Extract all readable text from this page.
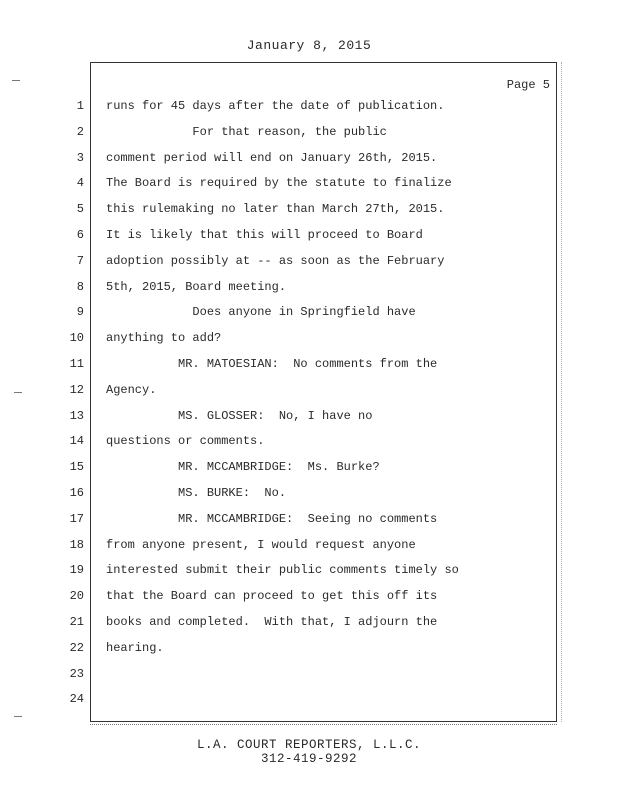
January 8, 2015
Page 5
1 runs for 45 days after the date of publication.
2 For that reason, the public
3 comment period will end on January 26th, 2015.
4 The Board is required by the statute to finalize
5 this rulemaking no later than March 27th, 2015.
6 It is likely that this will proceed to Board
7 adoption possibly at -- as soon as the February
8 5th, 2015, Board meeting.
9 Does anyone in Springfield have
10 anything to add?
11 MR. MATOESIAN:  No comments from the
12 Agency.
13 MS. GLOSSER:  No, I have no
14 questions or comments.
15 MR. MCCAMBRIDGE:  Ms. Burke?
16 MS. BURKE:  No.
17 MR. MCCAMBRIDGE:  Seeing no comments
18 from anyone present, I would request anyone
19 interested submit their public comments timely so
20 that the Board can proceed to get this off its
21 books and completed.  With that, I adjourn the
22 hearing.
23
24
L.A. COURT REPORTERS, L.L.C.
312-419-9292
